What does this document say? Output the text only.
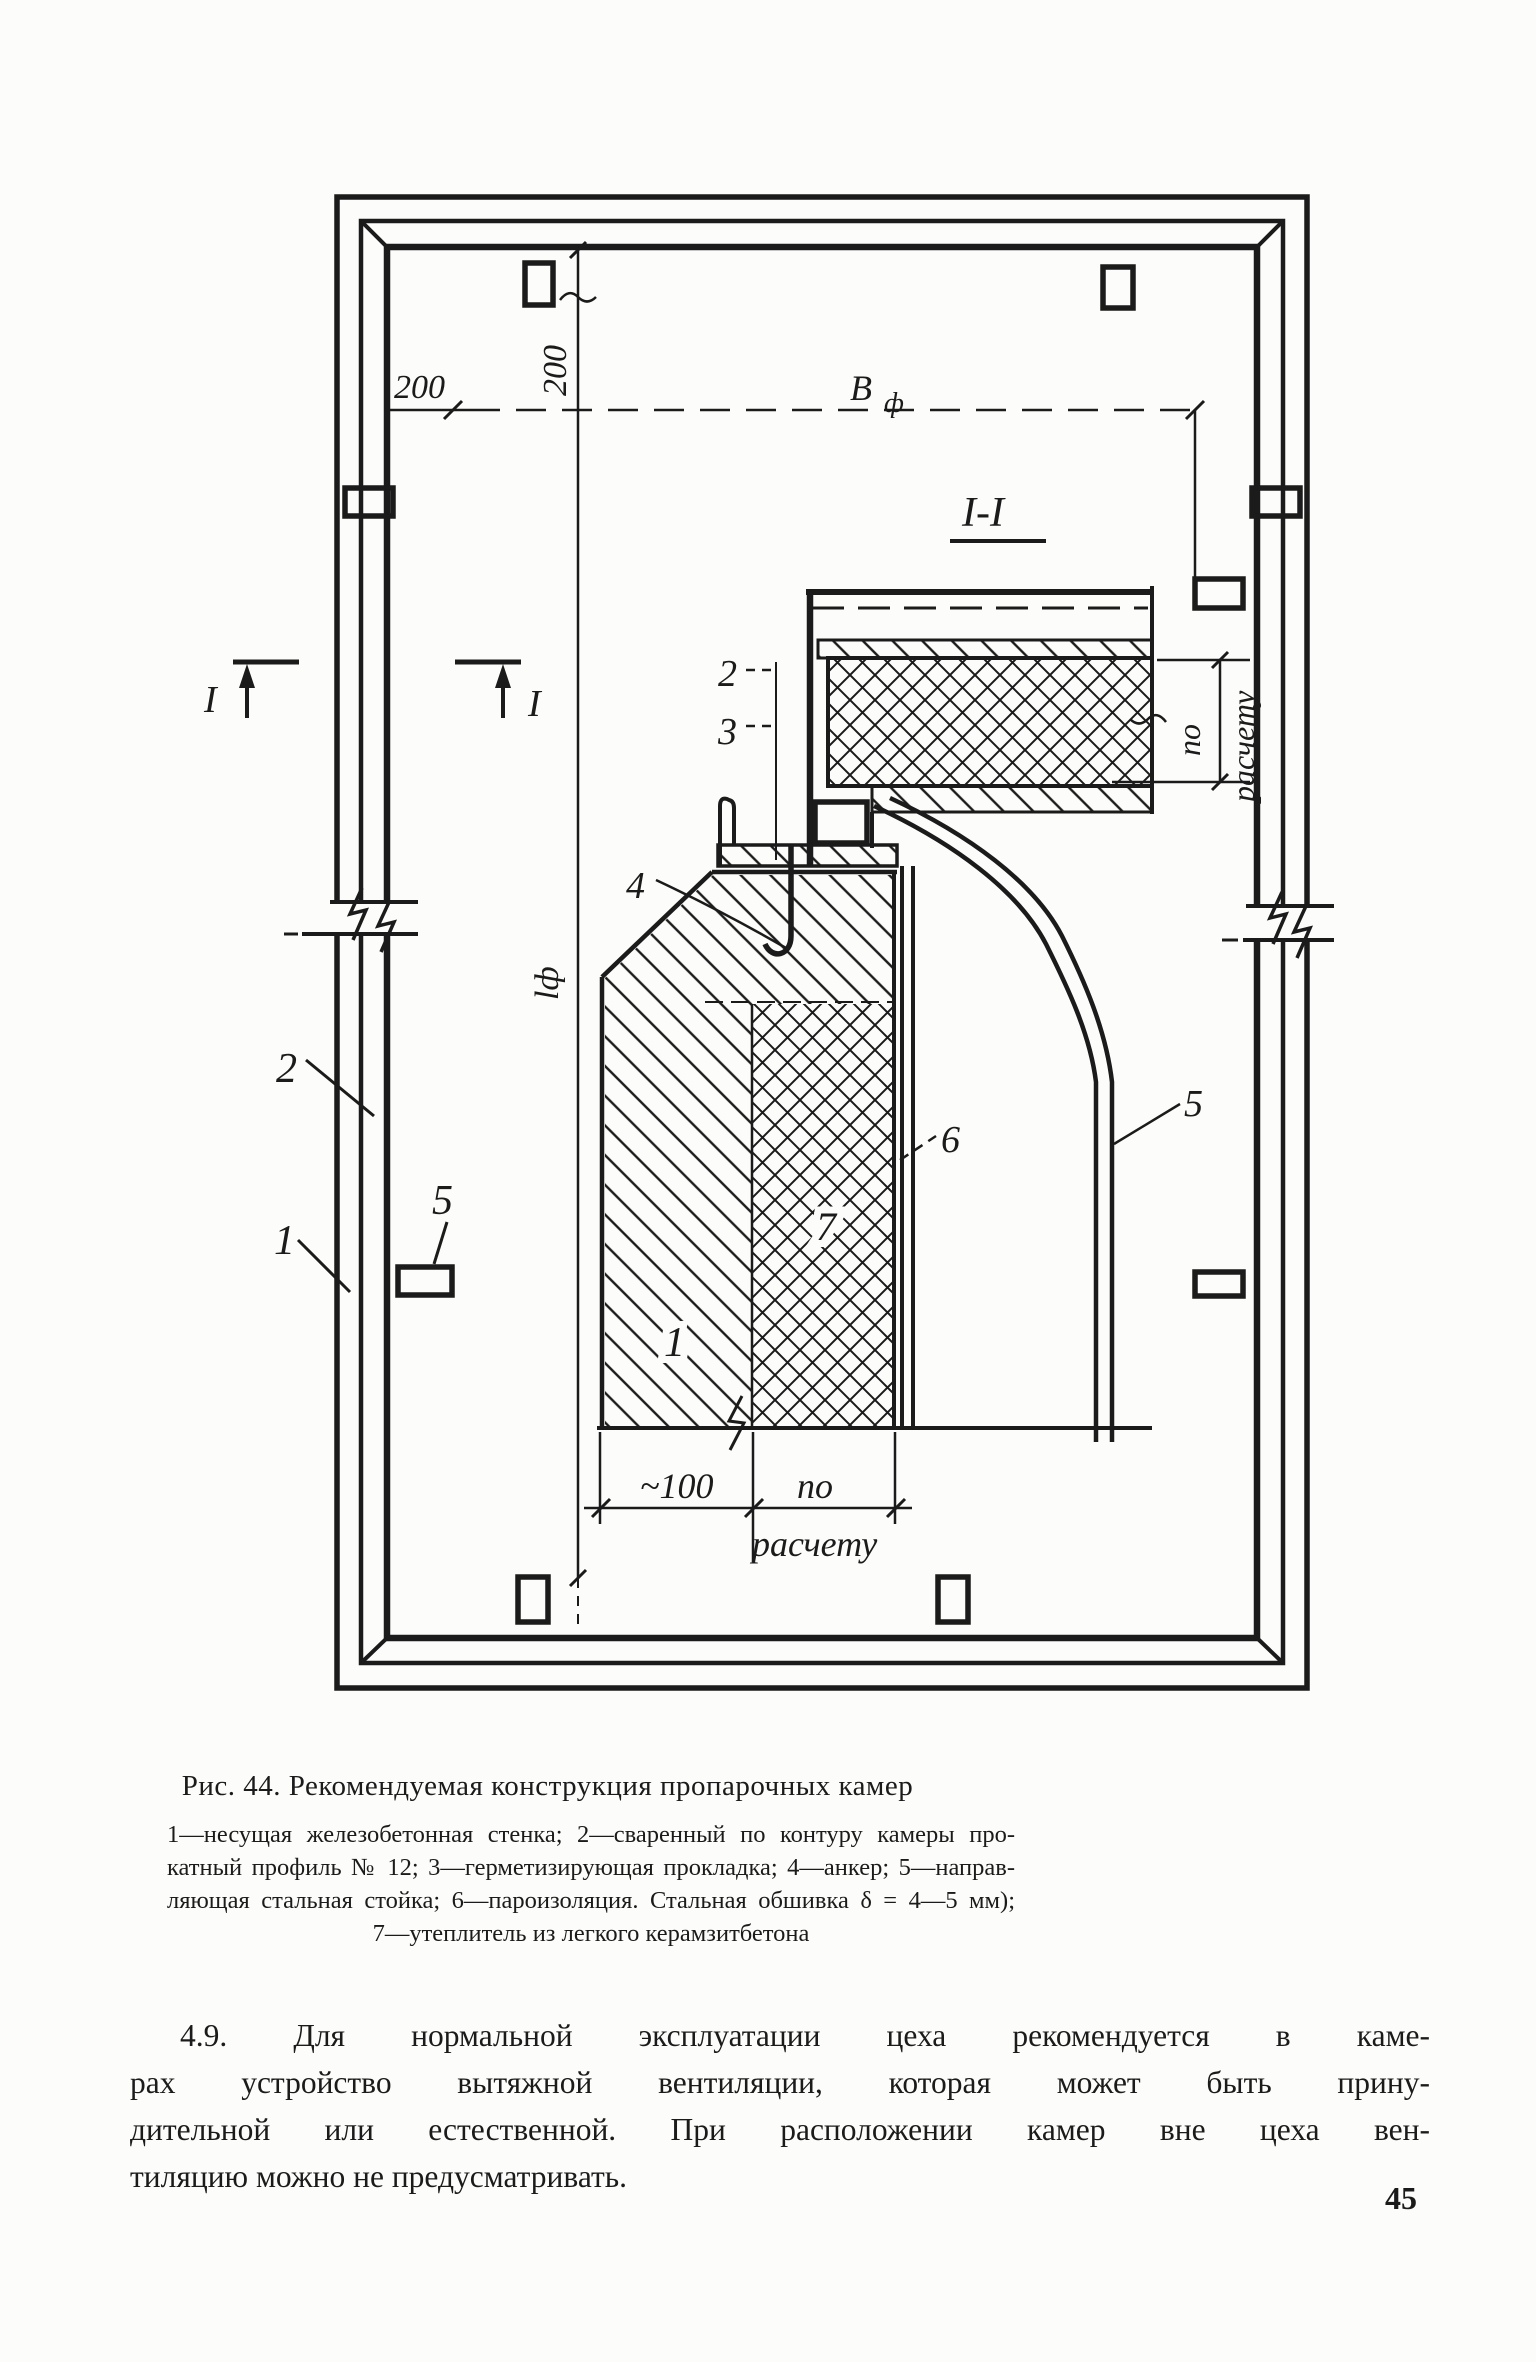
I	I
200	200	В ф
lф
I-I
2
3
4
7
1
6
5
по расчету
~100 по
расчету
2
1
5
Рис. 44. Рекомендуемая конструкция пропарочных камер
1—несущая железобетонная стенка; 2—сваренный по контуру камеры про-
катный профиль № 12; 3—герметизирующая прокладка; 4—анкер; 5—направ-
ляющая стальная стойка; 6—пароизоляция. Стальная обшивка δ = 4—5 мм);
7—утеплитель из легкого керамзитбетона
4.9. Для нормальной эксплуатации цеха рекомендуется в каме-
рах устройство вытяжной вентиляции, которая может быть прину-
дительной или естественной. При расположении камер вне цеха вен-
тиляцию можно не предусматривать.
45
